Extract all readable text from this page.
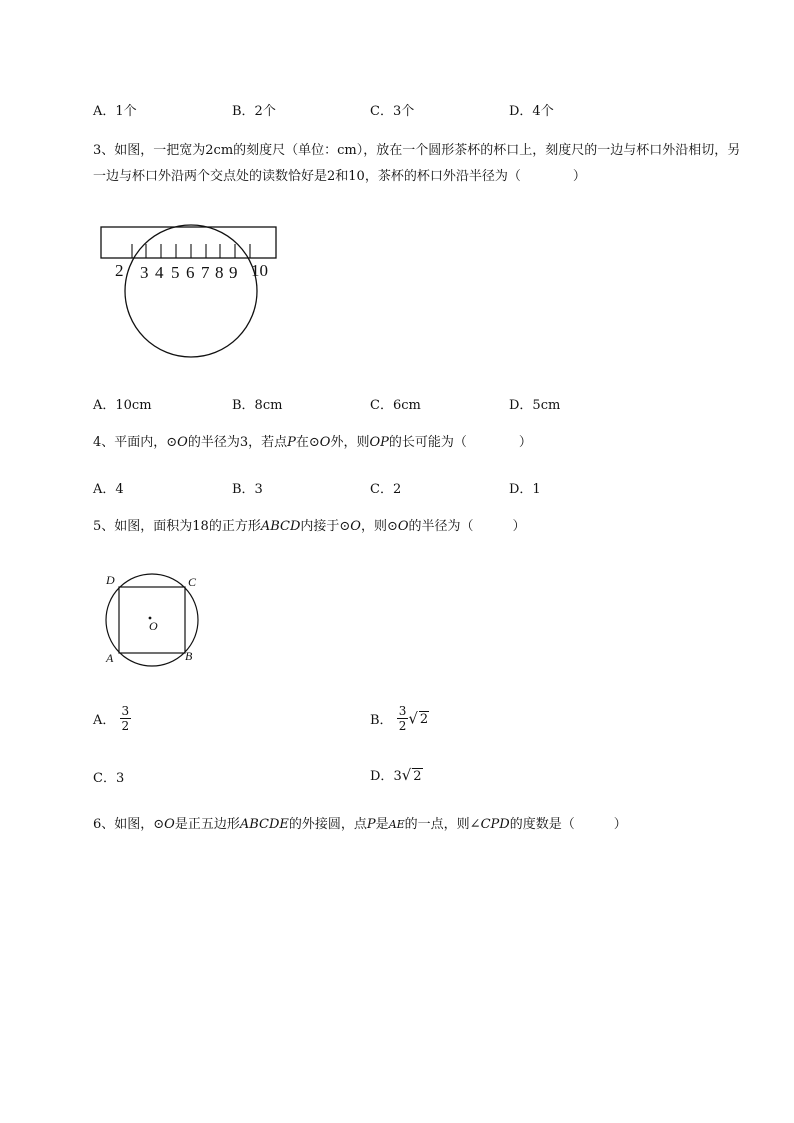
A．1个	B．2个	C．3个	D．4个
3、如图，一把宽为2cm的刻度尺（单位：cm），放在一个圆形茶杯的杯口上，刻度尺的一边与杯口外沿相切，另一边与杯口外沿两个交点处的读数恰好是2和10，茶杯的杯口外沿半径为（　　　　）
2 3 4 5 6 7 8 9 10
A．10cm	B．8cm	C．6cm	D．5cm
4、平面内，⊙O的半径为3，若点P在⊙O外，则OP的长可能为（　　　　）
A．4	B．3	C．2	D．1
5、如图，面积为18的正方形ABCD内接于⊙O，则⊙O的半径为（　　　）
D	C
A	B
O
A． $\frac{3}{2}$	B． $\frac{3}{2}$ √ 2
C．3	D．3√ 2
6、如图，⊙O是正五边形ABCDE的外接圆，点P是AE的一点，则∠CPD的度数是（　　　）
